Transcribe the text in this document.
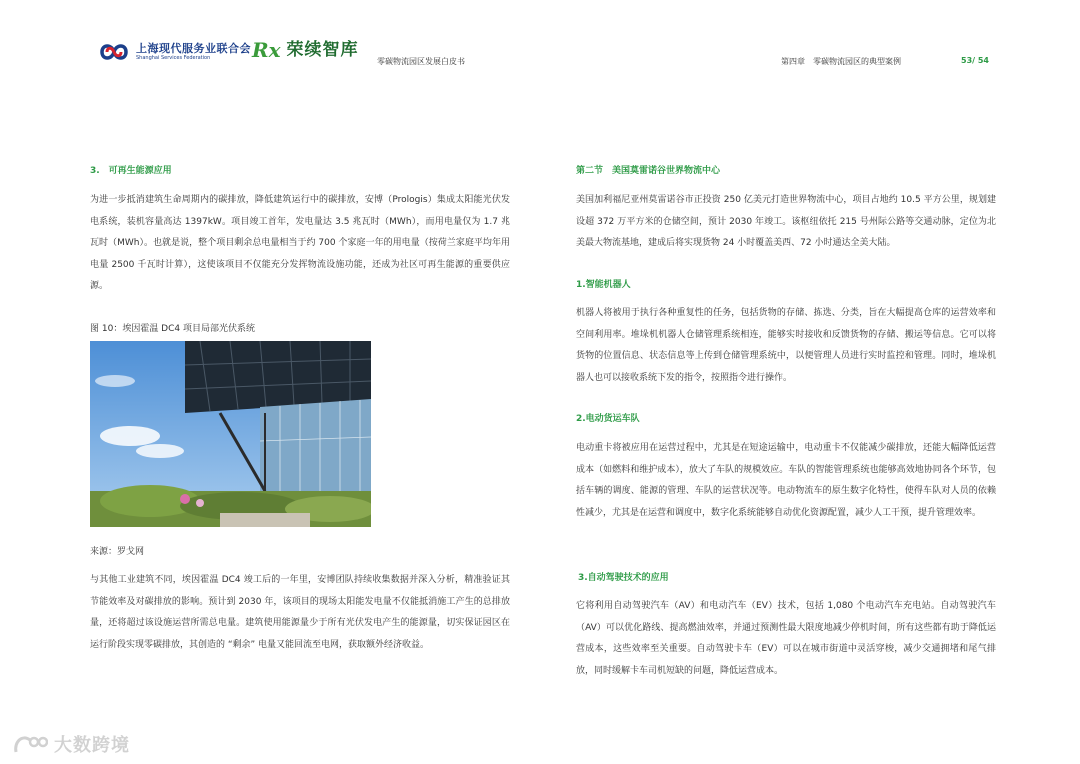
上海现代服务业联合会
Shanghai Services Federation	Rx 荣续智库
零碳物流园区发展白皮书	第四章　零碳物流园区的典型案例	53/ 54
3.　可再生能源应用
为进一步抵消建筑生命周期内的碳排放，降低建筑运行中的碳排放，安博（Prologis）集成太阳能光伏发电系统，装机容量高达 1397kW。项目竣工首年，发电量达 3.5 兆瓦时（MWh），而用电量仅为 1.7 兆瓦时（MWh）。也就是说，整个项目剩余总电量相当于约 700 个家庭一年的用电量（按荷兰家庭平均年用电量 2500 千瓦时计算），这使该项目不仅能充分发挥物流设施功能，还成为社区可再生能源的重要供应源。
图 10：埃因霍温 DC4 项目局部光伏系统
来源：罗戈网
与其他工业建筑不同，埃因霍温 DC4 竣工后的一年里，安博团队持续收集数据并深入分析，精准验证其节能效率及对碳排放的影响。预计到 2030 年，该项目的现场太阳能发电量不仅能抵消施工产生的总排放量，还将超过该设施运营所需总电量。建筑使用能源量少于所有光伏发电产生的能源量，切实保证园区在运行阶段实现零碳排放，其创造的 “剩余” 电量又能回流至电网，获取额外经济收益。
第二节　美国莫雷诺谷世界物流中心
美国加利福尼亚州莫雷诺谷市正投资 250 亿美元打造世界物流中心，项目占地约 10.5 平方公里，规划建设超 372 万平方米的仓储空间，预计 2030 年竣工。该枢纽依托 215 号州际公路等交通动脉，定位为北美最大物流基地，建成后将实现货物 24 小时覆盖美西、72 小时通达全美大陆。
1.智能机器人
机器人将被用于执行各种重复性的任务，包括货物的存储、拣选、分类，旨在大幅提高仓库的运营效率和空间利用率。堆垛机机器人仓储管理系统相连，能够实时接收和反馈货物的存储、搬运等信息。它可以将货物的位置信息、状态信息等上传到仓储管理系统中，以便管理人员进行实时监控和管理。同时，堆垛机器人也可以接收系统下发的指令，按照指令进行操作。
2.电动货运车队
电动重卡将被应用在运营过程中，尤其是在短途运输中，电动重卡不仅能减少碳排放，还能大幅降低运营成本（如燃料和维护成本），放大了车队的规模效应。车队的智能管理系统也能够高效地协同各个环节，包括车辆的调度、能源的管理、车队的运营状况等。电动物流车的原生数字化特性，使得车队对人员的依赖性减少，尤其是在运营和调度中，数字化系统能够自动优化资源配置，减少人工干预，提升管理效率。
3.自动驾驶技术的应用
它将利用自动驾驶汽车（AV）和电动汽车（EV）技术，包括 1,080 个电动汽车充电站。自动驾驶汽车（AV）可以优化路线、提高燃油效率，并通过预测性最大限度地减少停机时间，所有这些都有助于降低运营成本，这些效率至关重要。自动驾驶卡车（EV）可以在城市街道中灵活穿梭，减少交通拥堵和尾气排放，同时缓解卡车司机短缺的问题，降低运营成本。
大数跨境
